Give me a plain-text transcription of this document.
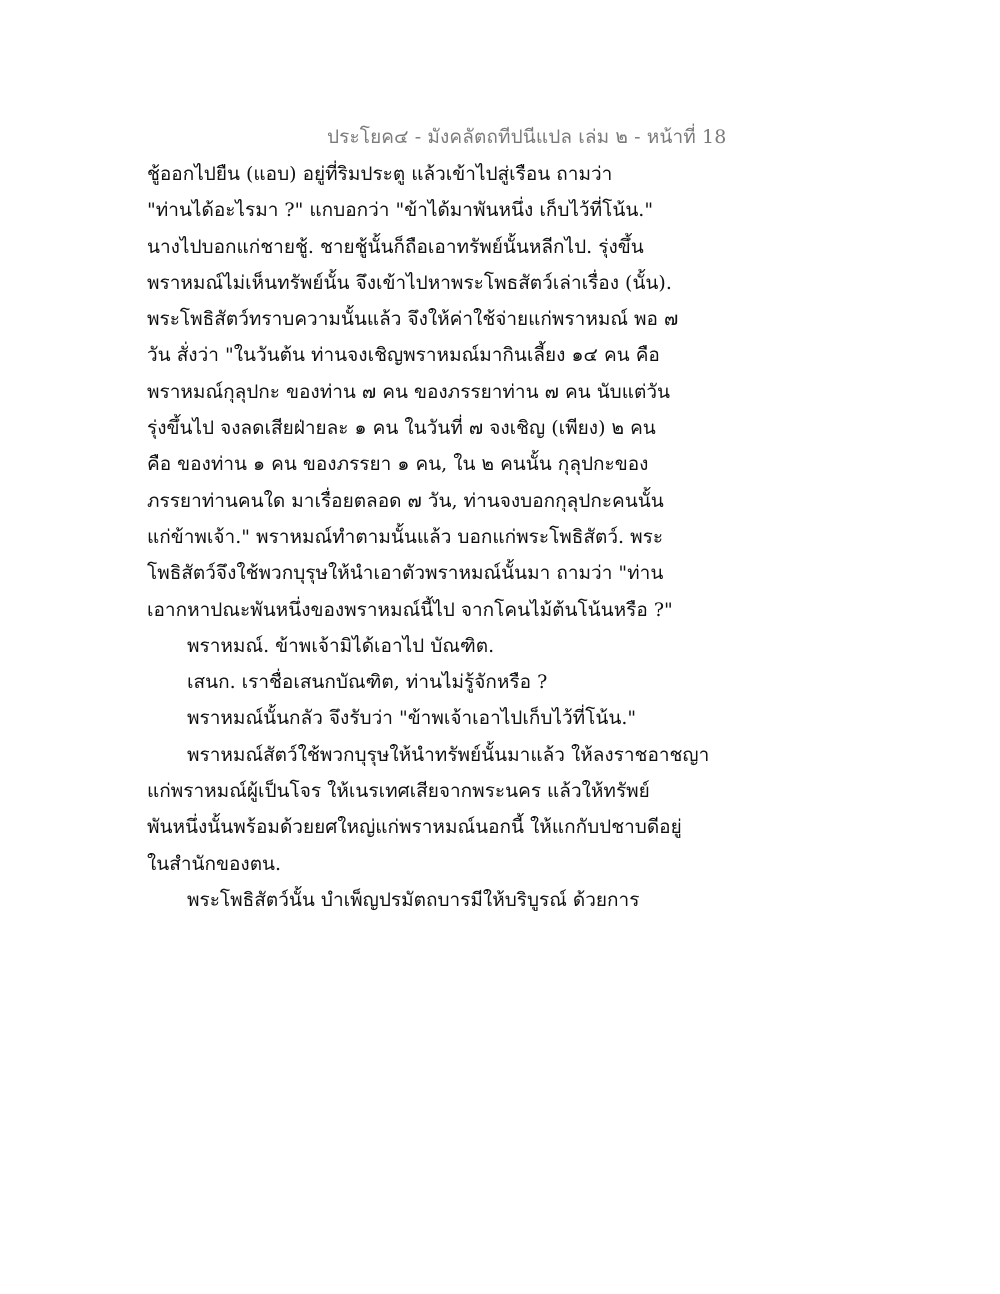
ประโยค๔ - มังคลัตถทีปนีแปล เล่ม ๒ - หน้าที่ 18
ชู้ออกไปยืน (แอบ) อยู่ที่ริมประตู แล้วเข้าไปสู่เรือน ถามว่า
"ท่านได้อะไรมา ?" แกบอกว่า "ข้าได้มาพันหนึ่ง เก็บไว้ที่โน้น."
นางไปบอกแก่ชายชู้. ชายชู้นั้นก็ถือเอาทรัพย์นั้นหลีกไป. รุ่งขึ้น
พราหมณ์ไม่เห็นทรัพย์นั้น จึงเข้าไปหาพระโพธสัตว์เล่าเรื่อง (นั้น).
พระโพธิสัตว์ทราบความนั้นแล้ว จึงให้ค่าใช้จ่ายแก่พราหมณ์ พอ ๗
วัน สั่งว่า "ในวันต้น ท่านจงเชิญพราหมณ์มากินเลี้ยง ๑๔ คน คือ
พราหมณ์กุลุปกะ ของท่าน ๗ คน ของภรรยาท่าน ๗ คน นับแต่วัน
รุ่งขึ้นไป จงลดเสียฝ่ายละ ๑ คน ในวันที่ ๗ จงเชิญ (เพียง) ๒ คน
คือ ของท่าน ๑ คน ของภรรยา ๑ คน, ใน ๒ คนนั้น กุลุปกะของ
ภรรยาท่านคนใด มาเรื่อยตลอด ๗ วัน, ท่านจงบอกกุลุปกะคนนั้น
แก่ข้าพเจ้า." พราหมณ์ทำตามนั้นแล้ว บอกแก่พระโพธิสัตว์. พระ
โพธิสัตว์จึงใช้พวกบุรุษให้นำเอาตัวพราหมณ์นั้นมา ถามว่า "ท่าน
เอากหาปณะพันหนึ่งของพราหมณ์นี้ไป จากโคนไม้ต้นโน้นหรือ ?"
พราหมณ์. ข้าพเจ้ามิได้เอาไป บัณฑิต.
เสนก. เราชื่อเสนกบัณฑิต, ท่านไม่รู้จักหรือ ?
พราหมณ์นั้นกลัว จึงรับว่า "ข้าพเจ้าเอาไปเก็บไว้ที่โน้น."
พราหมณ์สัตว์ใช้พวกบุรุษให้นำทรัพย์นั้นมาแล้ว ให้ลงราชอาชญา
แก่พราหมณ์ผู้เป็นโจร ให้เนรเทศเสียจากพระนคร แล้วให้ทรัพย์
พันหนึ่งนั้นพร้อมด้วยยศใหญ่แก่พราหมณ์นอกนี้ ให้แกกับปชาบดีอยู่
ในสำนักของตน.
พระโพธิสัตว์นั้น บำเพ็ญปรมัตถบารมีให้บริบูรณ์ ด้วยการ
